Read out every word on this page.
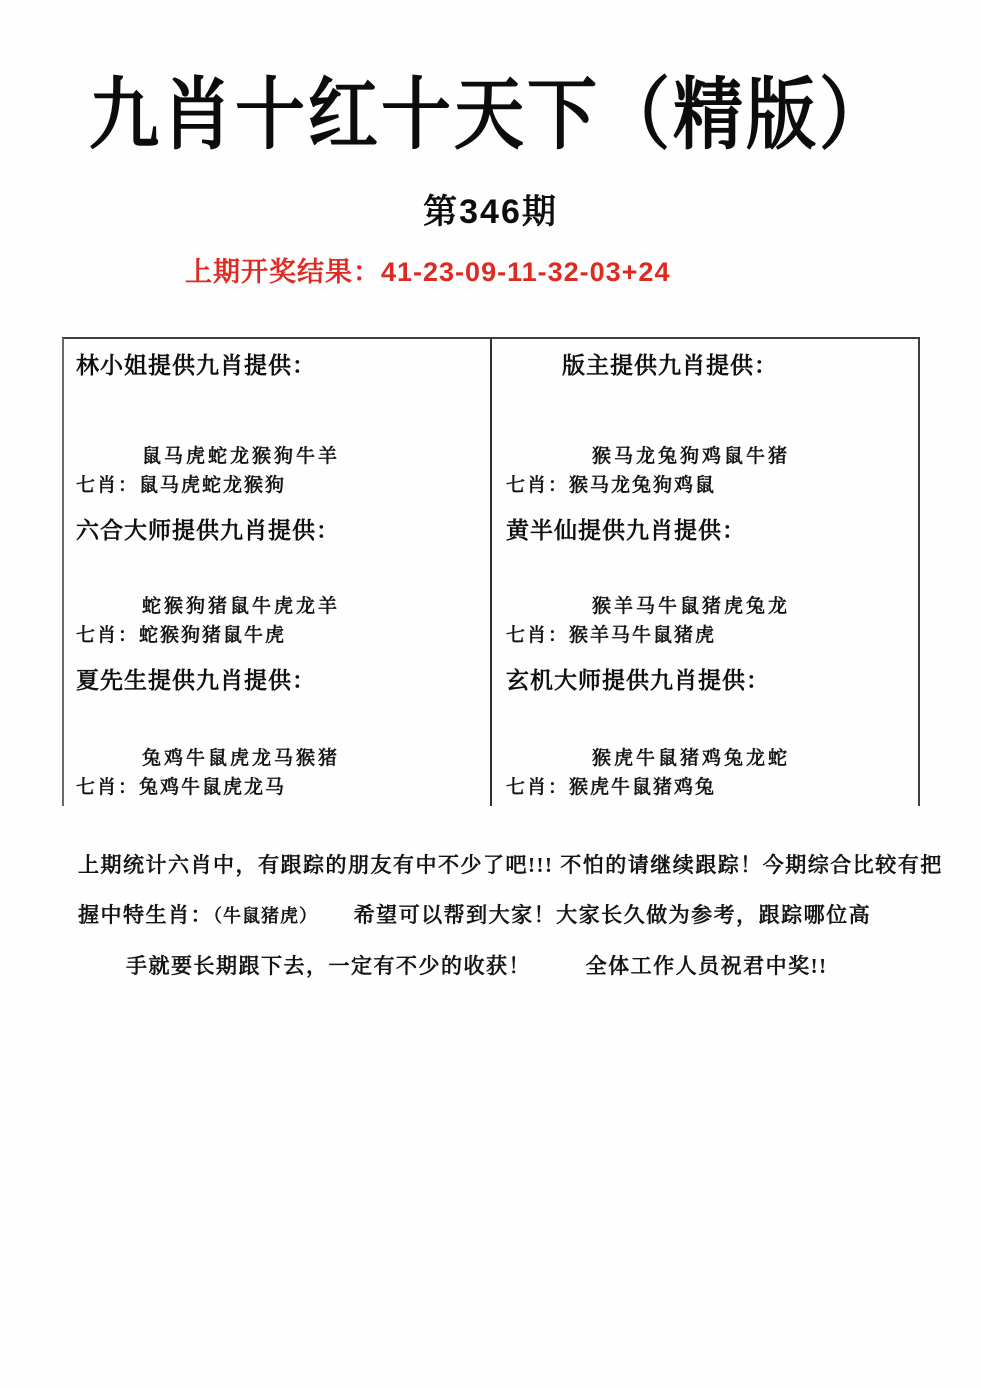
九肖十红十天下（精版）
第346期
上期开奖结果：41-23-09-11-32-03+24
林小姐提供九肖提供：
鼠马虎蛇龙猴狗牛羊
七肖：鼠马虎蛇龙猴狗
版主提供九肖提供：
猴马龙兔狗鸡鼠牛猪
七肖：猴马龙兔狗鸡鼠
六合大师提供九肖提供：
蛇猴狗猪鼠牛虎龙羊
七肖：蛇猴狗猪鼠牛虎
黄半仙提供九肖提供：
猴羊马牛鼠猪虎兔龙
七肖：猴羊马牛鼠猪虎
夏先生提供九肖提供：
兔鸡牛鼠虎龙马猴猪
七肖：兔鸡牛鼠虎龙马
玄机大师提供九肖提供：
猴虎牛鼠猪鸡兔龙蛇
七肖：猴虎牛鼠猪鸡兔
上期统计六肖中，有跟踪的朋友有中不少了吧!!! 不怕的请继续跟踪！今期综合比较有把
握中特生肖：（牛鼠猪虎） 希望可以帮到大家！大家长久做为参考，跟踪哪位高
手就要长期跟下去，一定有不少的收获！	全体工作人员祝君中奖!!
